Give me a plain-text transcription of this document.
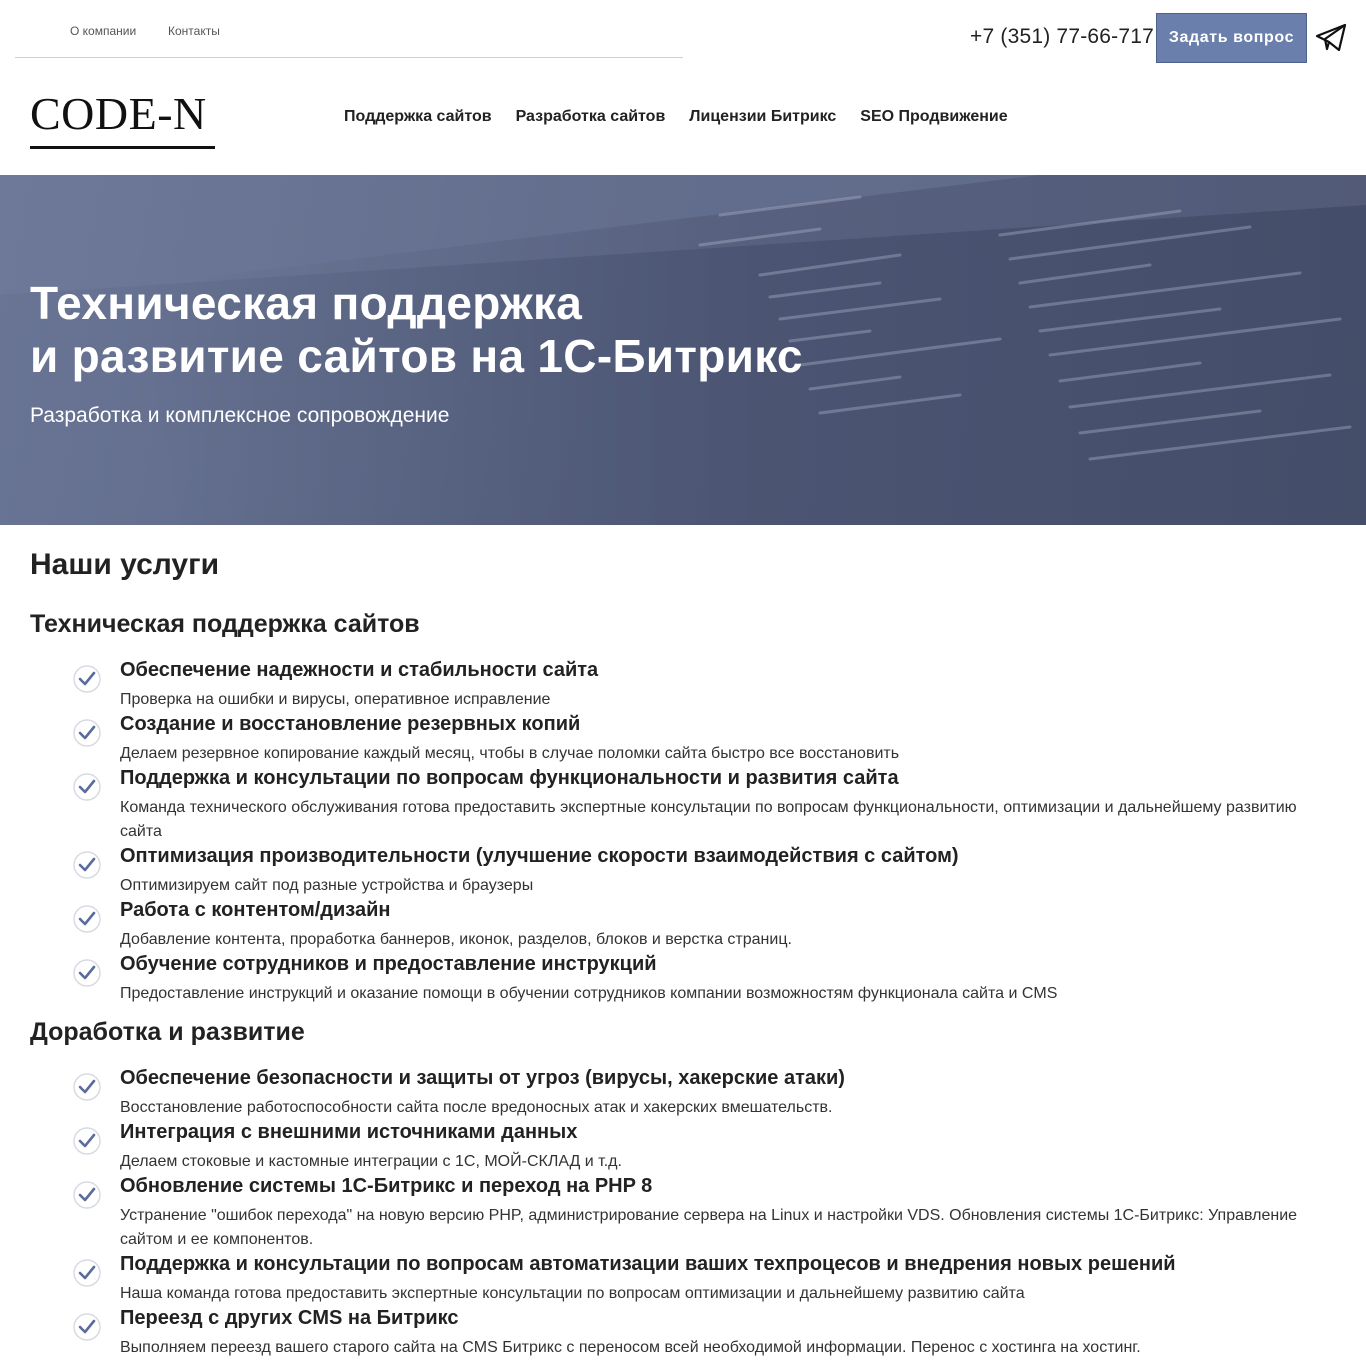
О компании	Контакты	+7 (351) 77-66-717 Задать вопрос
CODE-N	Поддержка сайтов Разработка сайтов Лицензии Битрикс SEO Продвижение
Техническая поддержка
и развитие сайтов на 1С-Битрикс
Разработка и комплексное сопровождение
Наши услуги
Техническая поддержка сайтов
Обеспечение надежности и стабильности сайта
Проверка на ошибки и вирусы, оперативное исправление
Создание и восстановление резервных копий
Делаем резервное копирование каждый месяц, чтобы в случае поломки сайта быстро все восстановить
Поддержка и консультации по вопросам функциональности и развития сайта
Команда технического обслуживания готова предоставить экспертные консультации по вопросам функциональности, оптимизации и дальнейшему развитию сайта
Оптимизация производительности (улучшение скорости взаимодействия с сайтом)
Оптимизируем сайт под разные устройства и браузеры
Работа с контентом/дизайн
Добавление контента, проработка баннеров, иконок, разделов, блоков и верстка страниц.
Обучение сотрудников и предоставление инструкций
Предоставление инструкций и оказание помощи в обучении сотрудников компании возможностям функционала сайта и CMS
Доработка и развитие
Обеспечение безопасности и защиты от угроз (вирусы, хакерские атаки)
Восстановление работоспособности сайта после вредоносных атак и хакерских вмешательств.
Интеграция с внешними источниками данных
Делаем стоковые и кастомные интеграции с 1С, МОЙ-СКЛАД и т.д.
Обновление системы 1С-Битрикс и переход на PHP 8
Устранение "ошибок перехода" на новую версию PHP, администрирование сервера на Linux и настройки VDS. Обновления системы 1С-Битрикс: Управление сайтом и ее компонентов.
Поддержка и консультации по вопросам автоматизации ваших техпроцесов и внедрения новых решений
Наша команда готова предоставить экспертные консультации по вопросам оптимизации и дальнейшему развитию сайта
Переезд с других CMS на Битрикс
Выполняем переезд вашего старого сайта на CMS Битрикс с переносом всей необходимой информации. Перенос с хостинга на хостинг.
